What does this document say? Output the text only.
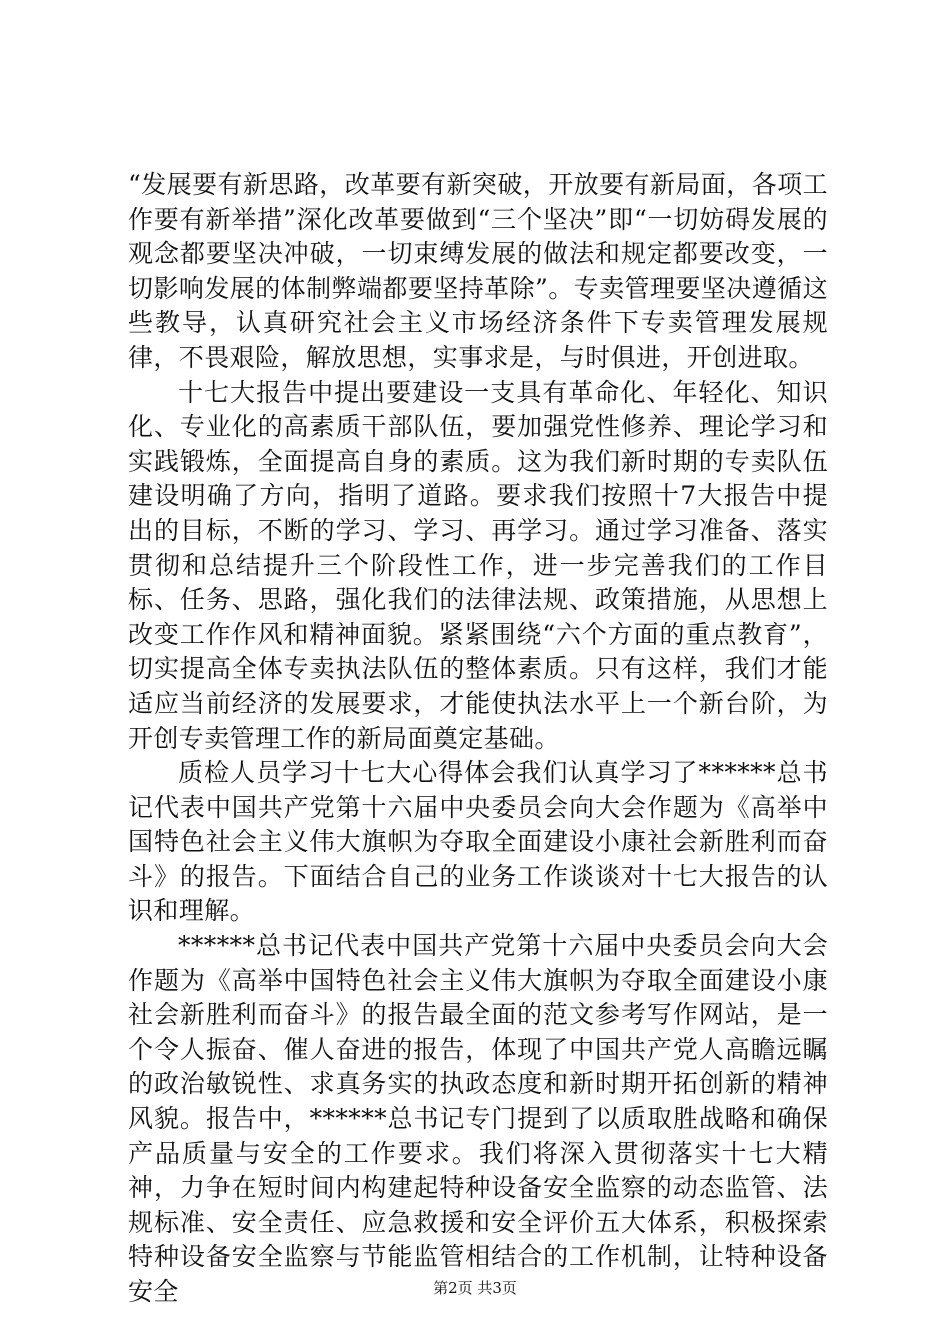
“发展要有新思路，改革要有新突破，开放要有新局面，各项工作要有新举措”深化改革要做到“三个坚决”即“一切妨碍发展的观念都要坚决冲破，一切束缚发展的做法和规定都要改变，一切影响发展的体制弊端都要坚持革除”。专卖管理要坚决遵循这些教导，认真研究社会主义市场经济条件下专卖管理发展规律，不畏艰险，解放思想，实事求是，与时俱进，开创进取。

十七大报告中提出要建设一支具有革命化、年轻化、知识化、专业化的高素质干部队伍，要加强党性修养、理论学习和实践锻炼，全面提高自身的素质。这为我们新时期的专卖队伍建设明确了方向，指明了道路。要求我们按照十7大报告中提出的目标，不断的学习、学习、再学习。通过学习准备、落实贯彻和总结提升三个阶段性工作，进一步完善我们的工作目标、任务、思路，强化我们的法律法规、政策措施，从思想上改变工作作风和精神面貌。紧紧围绕“六个方面的重点教育”，切实提高全体专卖执法队伍的整体素质。只有这样，我们才能适应当前经济的发展要求，才能使执法水平上一个新台阶，为开创专卖管理工作的新局面奠定基础。

质检人员学习十七大心得体会我们认真学习了******总书记代表中国共产党第十六届中央委员会向大会作题为《高举中国特色社会主义伟大旗帜为夺取全面建设小康社会新胜利而奋斗》的报告。下面结合自己的业务工作谈谈对十七大报告的认识和理解。

******总书记代表中国共产党第十六届中央委员会向大会作题为《高举中国特色社会主义伟大旗帜为夺取全面建设小康社会新胜利而奋斗》的报告最全面的范文参考写作网站，是一个令人振奋、催人奋进的报告，体现了中国共产党人高瞻远瞩的政治敏锐性、求真务实的执政态度和新时期开拓创新的精神风貌。报告中，******总书记专门提到了以质取胜战略和确保产品质量与安全的工作要求。我们将深入贯彻落实十七大精神，力争在短时间内构建起特种设备安全监察的动态监管、法规标准、安全责任、应急救援和安全评价五大体系，积极探索特种设备安全监察与节能监管相结合的工作机制，让特种设备安全	第2页 共3页
